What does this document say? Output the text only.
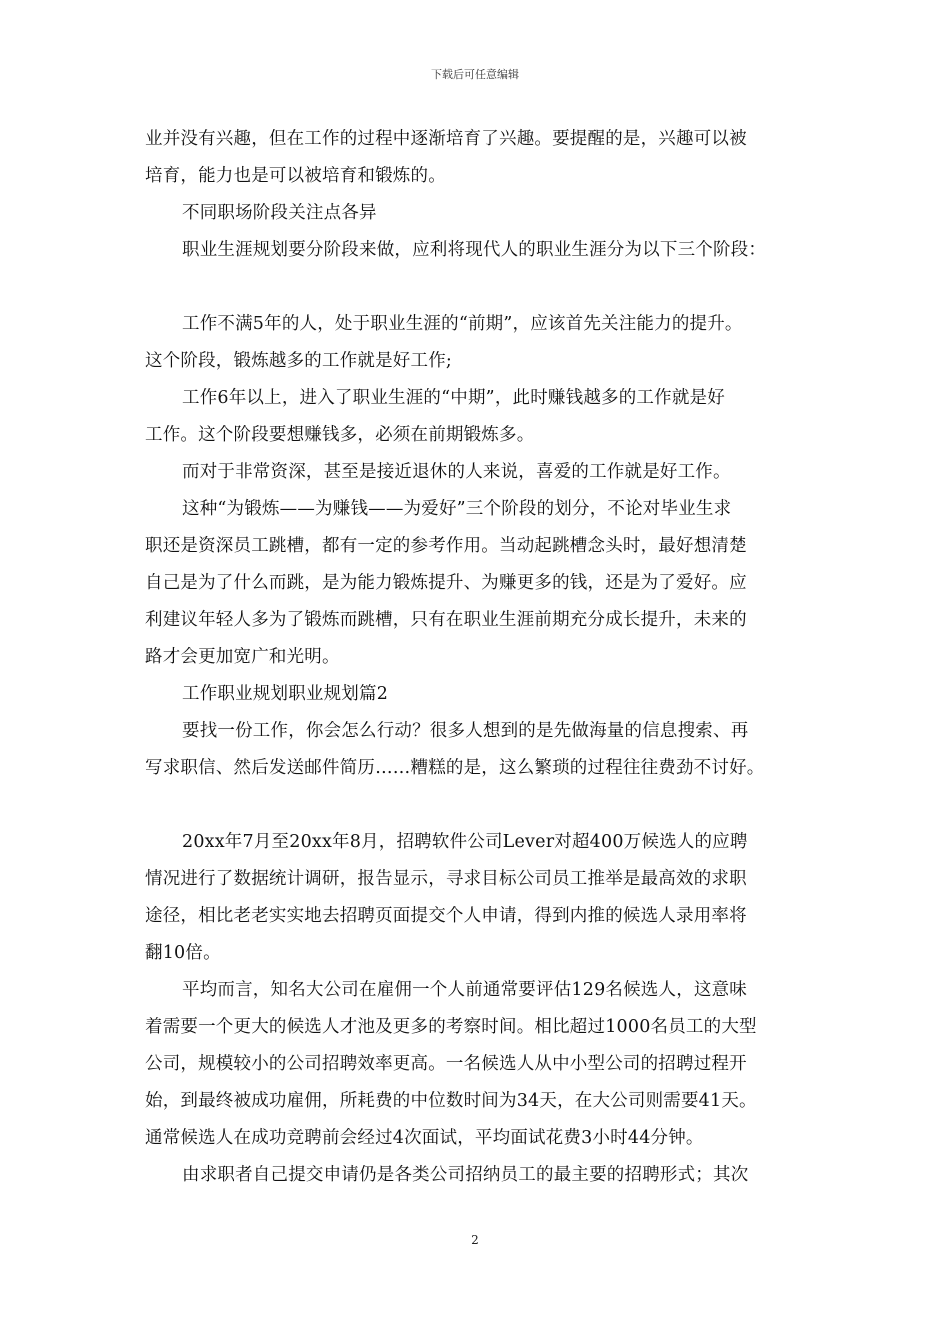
下载后可任意编辑
业并没有兴趣，但在工作的过程中逐渐培育了兴趣。要提醒的是，兴趣可以被
培育，能力也是可以被培育和锻炼的。
不同职场阶段关注点各异
职业生涯规划要分阶段来做，应利将现代人的职业生涯分为以下三个阶段：
工作不满5年的人，处于职业生涯的“前期”，应该首先关注能力的提升。
这个阶段，锻炼越多的工作就是好工作;
工作6年以上，进入了职业生涯的“中期”，此时赚钱越多的工作就是好
工作。这个阶段要想赚钱多，必须在前期锻炼多。
而对于非常资深，甚至是接近退休的人来说，喜爱的工作就是好工作。
这种“为锻炼——为赚钱——为爱好”三个阶段的划分，不论对毕业生求
职还是资深员工跳槽，都有一定的参考作用。当动起跳槽念头时，最好想清楚
自己是为了什么而跳，是为能力锻炼提升、为赚更多的钱，还是为了爱好。应
利建议年轻人多为了锻炼而跳槽，只有在职业生涯前期充分成长提升，未来的
路才会更加宽广和光明。
工作职业规划职业规划篇2
要找一份工作，你会怎么行动？很多人想到的是先做海量的信息搜索、再
写求职信、然后发送邮件简历……糟糕的是，这么繁琐的过程往往费劲不讨好。
20xx年7月至20xx年8月，招聘软件公司Lever对超400万候选人的应聘
情况进行了数据统计调研，报告显示，寻求目标公司员工推举是最高效的求职
途径，相比老老实实地去招聘页面提交个人申请，得到内推的候选人录用率将
翻10倍。
平均而言，知名大公司在雇佣一个人前通常要评估129名候选人，这意味
着需要一个更大的候选人才池及更多的考察时间。相比超过1000名员工的大型
公司，规模较小的公司招聘效率更高。一名候选人从中小型公司的招聘过程开
始，到最终被成功雇佣，所耗费的中位数时间为34天，在大公司则需要41天。
通常候选人在成功竞聘前会经过4次面试，平均面试花费3小时44分钟。
由求职者自己提交申请仍是各类公司招纳员工的最主要的招聘形式；其次
2
